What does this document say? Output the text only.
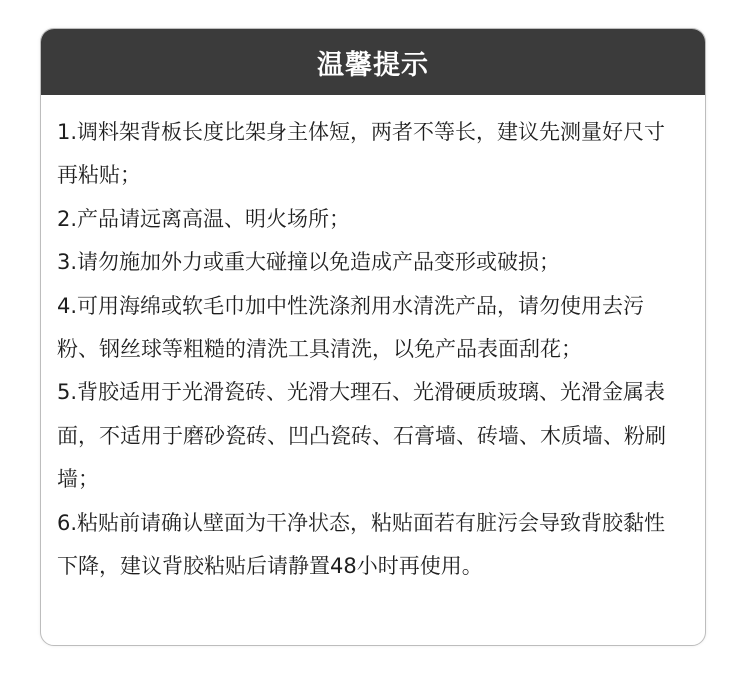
温馨提示

1.调料架背板长度比架身主体短，两者不等长，建议先测量好尺寸再粘贴；

2.产品请远离高温、明火场所；

3.请勿施加外力或重大碰撞以免造成产品变形或破损；

4.可用海绵或软毛巾加中性洗涤剂用水清洗产品，请勿使用去污粉、钢丝球等粗糙的清洗工具清洗，以免产品表面刮花；

5.背胶适用于光滑瓷砖、光滑大理石、光滑硬质玻璃、光滑金属表面，不适用于磨砂瓷砖、凹凸瓷砖、石膏墙、砖墙、木质墙、粉刷墙；

6.粘贴前请确认壁面为干净状态，粘贴面若有脏污会导致背胶黏性下降，建议背胶粘贴后请静置48小时再使用。
